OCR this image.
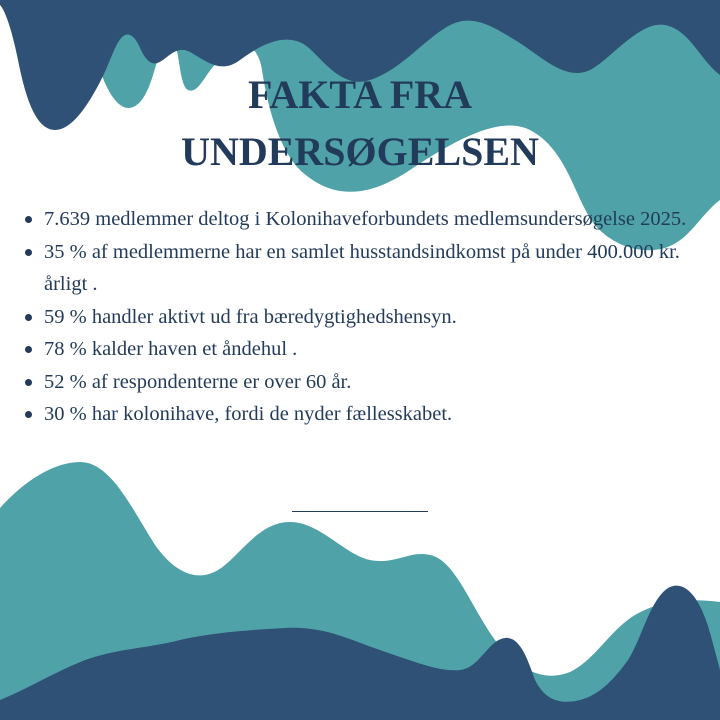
FAKTA FRA
UNDERSØGELSEN
7.639 medlemmer deltog i Kolonihaveforbundets medlemsundersøgelse 2025.
35 % af medlemmerne har en samlet husstandsindkomst på under 400.000 kr. årligt .
59 % handler aktivt ud fra bæredygtighedshensyn.
78 % kalder haven et åndehul .
52 % af respondenterne er over 60 år.
30 % har kolonihave, fordi de nyder fællesskabet.
